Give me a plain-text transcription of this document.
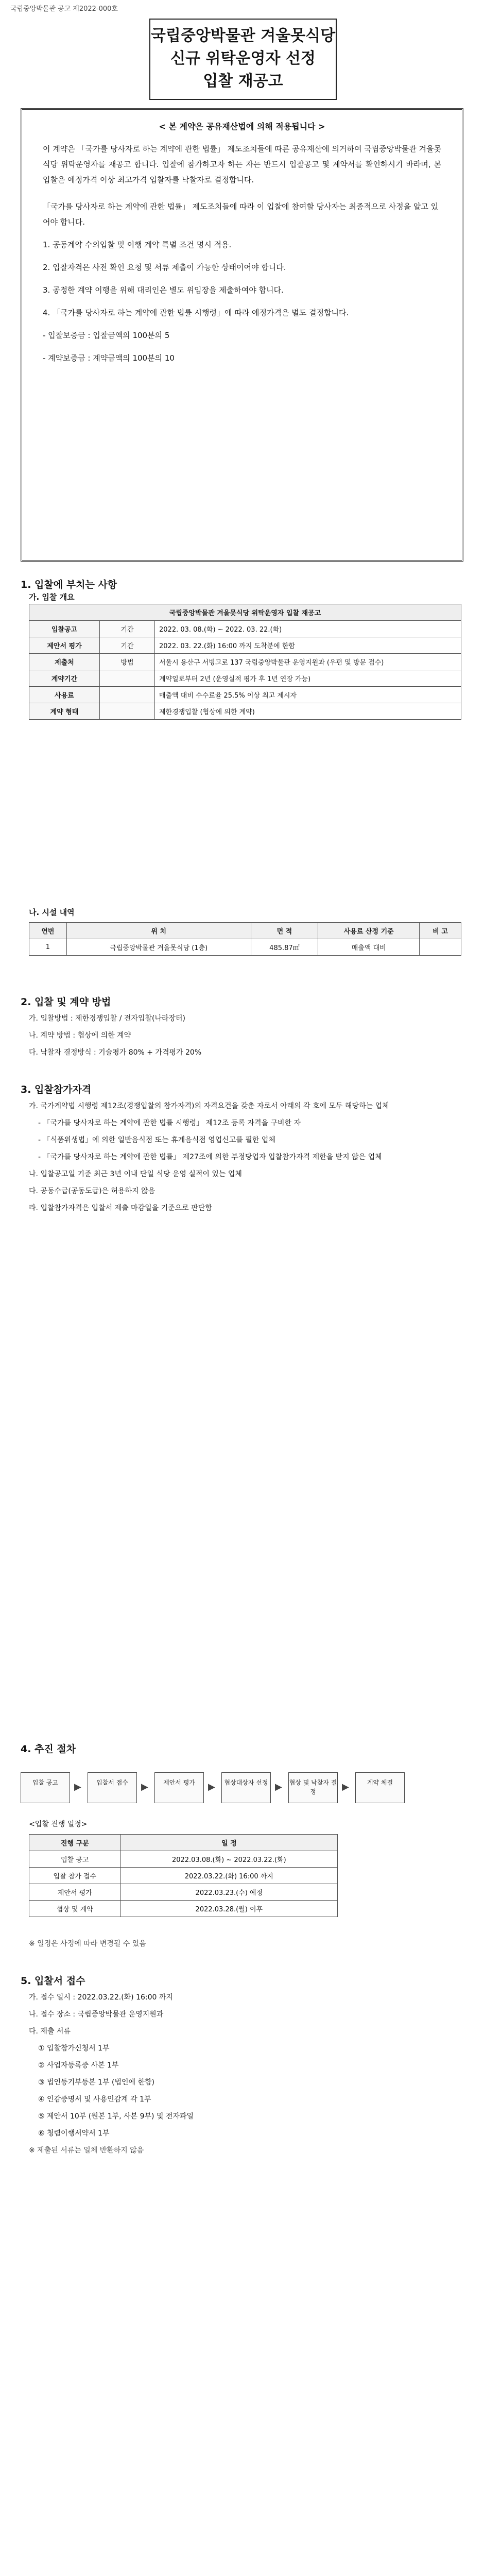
국립중앙박물관 공고 제2022-000호
국립중앙박물관 겨울못식당 신규 위탁운영자 선정
입찰 재공고
< 본 계약은 공유재산법에 의해 적용됩니다 >

이 계약은 「국가를 당사자로 하는 계약에 관한 법률」 제도조치들에 따른 공유재산에 의거하여 국립중앙박물관 겨울못식당 위탁운영자를 재공고 합니다. 입찰에 참가하고자 하는 자는 반드시 입찰공고 및 계약서를 확인하시기 바라며, 본 입찰은 예정가격 이상 최고가격 입찰자를 낙찰자로 결정합니다.

「국가를 당사자로 하는 계약에 관한 법률」 제도조치들에 따라 이 입찰에 참여할 당사자는 최종적으로 사정을 알고 있어야 합니다.
1. 공동계약 수의입찰 및 이행 계약 특별 조건 명시 적용.
2. 입찰자격은 사전 확인 요청 및 서류 제출이 가능한 상태이어야 합니다.
3. 공정한 계약 이행을 위해 대리인은 별도 위임장을 제출하여야 합니다.
4. 「국가를 당사자로 하는 계약에 관한 법률 시행령」에 따라 예정가격은 별도 결정합니다.
- 입찰보증금 : 입찰금액의 100분의 5
- 계약보증금 : 계약금액의 100분의 10
1. 입찰에 부치는 사항
가. 입찰 개요
국립중앙박물관 겨울못식당 위탁운영자 입찰 재공고		
입찰공고	기간	2022. 03. 08.(화) ~ 2022. 03. 22.(화)
제안서 평가	기간	2022. 03. 22.(화) 16:00 까지 도착분에 한함
제출처	방법	서울시 용산구 서빙고로 137 국립중앙박물관 운영지원과 (우편 및 방문 접수)
계약기간		계약일로부터 2년 (운영실적 평가 후 1년 연장 가능)
사용료		매출액 대비 수수료율 25.5% 이상 최고 제시자
계약 형태		제한경쟁입찰 (협상에 의한 계약)
나. 시설 내역
연번	위 치	면 적	사용료 산정 기준	비 고
1	국립중앙박물관 겨울못식당 (1층)	485.87㎡	매출액 대비	
2. 입찰 및 계약 방법

가. 입찰방법 : 제한경쟁입찰 / 전자입찰(나라장터)

나. 계약 방법 : 협상에 의한 계약

다. 낙찰자 결정방식 : 기술평가 80% + 가격평가 20%

3. 입찰참가자격

가. 국가계약법 시행령 제12조(경쟁입찰의 참가자격)의 자격요건을 갖춘 자로서 아래의 각 호에 모두 해당하는 업체

- 「국가를 당사자로 하는 계약에 관한 법률 시행령」 제12조 등록 자격을 구비한 자

- 「식품위생법」에 의한 일반음식점 또는 휴게음식점 영업신고를 필한 업체

- 「국가를 당사자로 하는 계약에 관한 법률」 제27조에 의한 부정당업자 입찰참가자격 제한을 받지 않은 업체

나. 입찰공고일 기준 최근 3년 이내 단일 식당 운영 실적이 있는 업체

다. 공동수급(공동도급)은 허용하지 않음

라. 입찰참가자격은 입찰서 제출 마감일을 기준으로 판단함

4. 추진 절차
입찰 공고	▶	입찰서 접수	▶	제안서 평가	▶	협상대상자 선정 ▶ 협상 및 낙찰자 결정	▶	계약 체결
<입찰 진행 일정>
진행 구분	일 정
입찰 공고	2022.03.08.(화) ~ 2022.03.22.(화)
입찰 참가 접수	2022.03.22.(화) 16:00 까지
제안서 평가	2022.03.23.(수) 예정
협상 및 계약	2022.03.28.(월) 이후
※ 일정은 사정에 따라 변경될 수 있음
5. 입찰서 접수

가. 접수 일시 : 2022.03.22.(화) 16:00 까지

나. 접수 장소 : 국립중앙박물관 운영지원과

다. 제출 서류

① 입찰참가신청서 1부

② 사업자등록증 사본 1부

③ 법인등기부등본 1부 (법인에 한함)

④ 인감증명서 및 사용인감계 각 1부

⑤ 제안서 10부 (원본 1부, 사본 9부) 및 전자파일

⑥ 청렴이행서약서 1부

※ 제출된 서류는 일체 반환하지 않음
